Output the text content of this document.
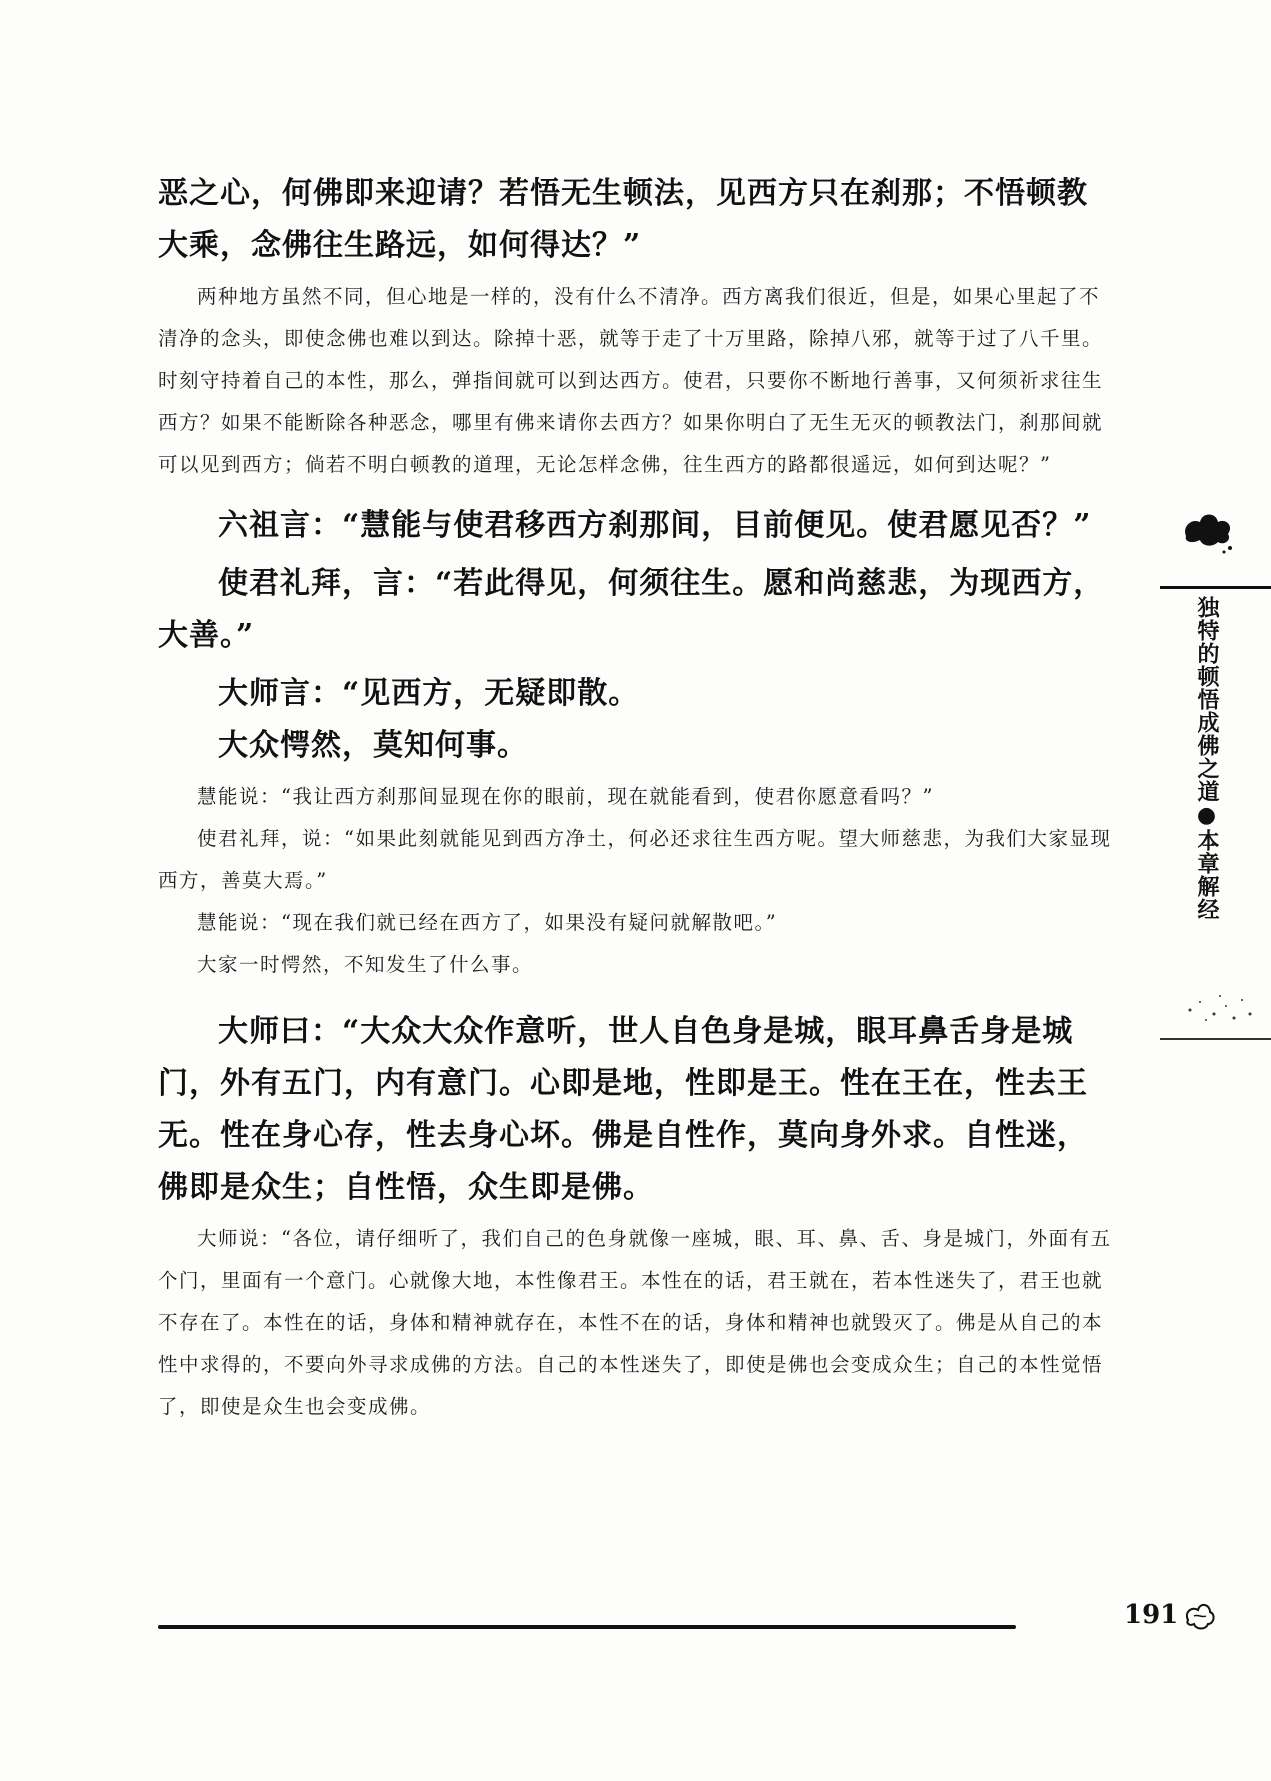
恶之心，何佛即来迎请？若悟无生顿法，见西方只在刹那；不悟顿教大乘，念佛往生路远，如何得达？”

两种地方虽然不同，但心地是一样的，没有什么不清净。西方离我们很近，但是，如果心里起了不清净的念头，即使念佛也难以到达。除掉十恶，就等于走了十万里路，除掉八邪，就等于过了八千里。时刻守持着自己的本性，那么，弹指间就可以到达西方。使君，只要你不断地行善事，又何须祈求往生西方？如果不能断除各种恶念，哪里有佛来请你去西方？如果你明白了无生无灭的顿教法门，刹那间就可以见到西方；倘若不明白顿教的道理，无论怎样念佛，往生西方的路都很遥远，如何到达呢？”

六祖言：“慧能与使君移西方刹那间，目前便见。使君愿见否？”

使君礼拜，言：“若此得见，何须往生。愿和尚慈悲，为现西方，大善。”

大师言：“见西方，无疑即散。

大众愕然，莫知何事。

慧能说：“我让西方刹那间显现在你的眼前，现在就能看到，使君你愿意看吗？”

使君礼拜，说：“如果此刻就能见到西方净土，何必还求往生西方呢。望大师慈悲，为我们大家显现西方，善莫大焉。”

慧能说：“现在我们就已经在西方了，如果没有疑问就解散吧。”

大家一时愕然，不知发生了什么事。

大师曰：“大众大众作意听，世人自色身是城，眼耳鼻舌身是城门，外有五门，内有意门。心即是地，性即是王。性在王在，性去王无。性在身心存，性去身心坏。佛是自性作，莫向身外求。自性迷，佛即是众生；自性悟，众生即是佛。

大师说：“各位，请仔细听了，我们自己的色身就像一座城，眼、耳、鼻、舌、身是城门，外面有五个门，里面有一个意门。心就像大地，本性像君王。本性在的话，君王就在，若本性迷失了，君王也就不存在了。本性在的话，身体和精神就存在，本性不在的话，身体和精神也就毁灭了。佛是从自己的本性中求得的，不要向外寻求成佛的方法。自己的本性迷失了，即使是佛也会变成众生；自己的本性觉悟了，即使是众生也会变成佛。

独特的顿悟成佛之道●本章解经
191
